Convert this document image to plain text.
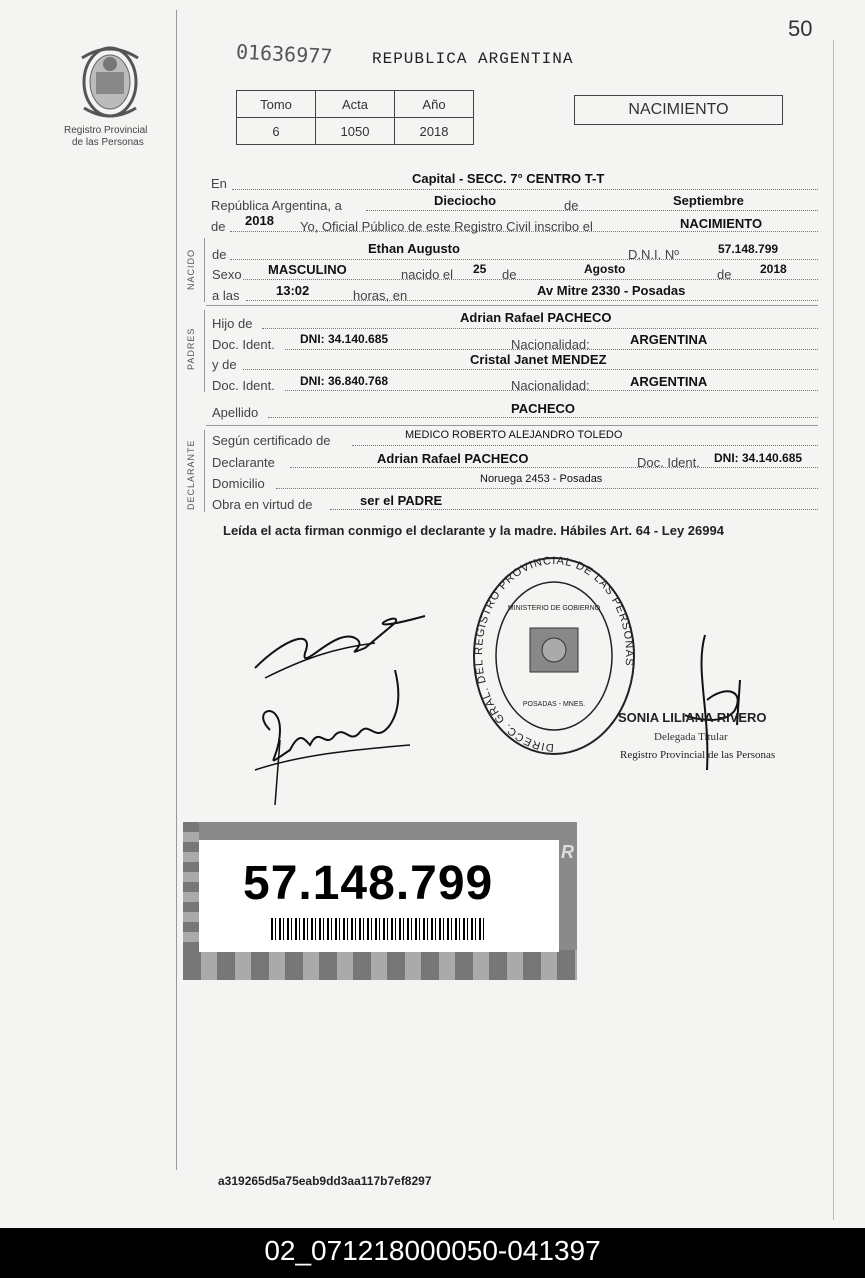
50
Registro Provincial
de las Personas
01636977 REPUBLICA ARGENTINA
Tomo	Acta	Año
6	1050	2018
NACIMIENTO
NACIDO
PADRES
DECLARANTE
En	Capital - SECC. 7° CENTRO T-T
República Argentina, a	Dieciocho	de	Septiembre
de 2018 Yo, Oficial Público de este Registro Civil inscribo el	NACIMIENTO
de	Ethan Augusto	D.N.I. Nº	57.148.799
Sexo MASCULINO	nacido el 25 de	Agosto	de 2018
a las	13:02	horas, en	Av Mitre 2330 - Posadas
Hijo de	Adrian Rafael PACHECO
Doc. Ident. DNI: 34.140.685	Nacionalidad:	ARGENTINA
y de	Cristal Janet MENDEZ
Doc. Ident. DNI: 36.840.768	Nacionalidad:	ARGENTINA
Apellido	PACHECO
Según certificado de	MEDICO ROBERTO ALEJANDRO TOLEDO
Declarante	Adrian Rafael PACHECO	Doc. Ident. DNI: 34.140.685
Domicilio	Noruega 2453 - Posadas
Obra en virtud de	ser el PADRE
Leída el acta firman conmigo el declarante y la madre. Hábiles Art. 64 - Ley 26994
DIRECC. GRAL. DEL REGISTRO PROVINCIAL DE LAS PERSONAS
MINISTERIO DE GOBIERNO
POSADAS - MNES.
SONIA LILIANA RIVERO
Delegada Titular
Registro Provincial de las Personas
57.148.799
R
a319265d5a75eab9dd3aa117b7ef8297
02_071218000050-041397
